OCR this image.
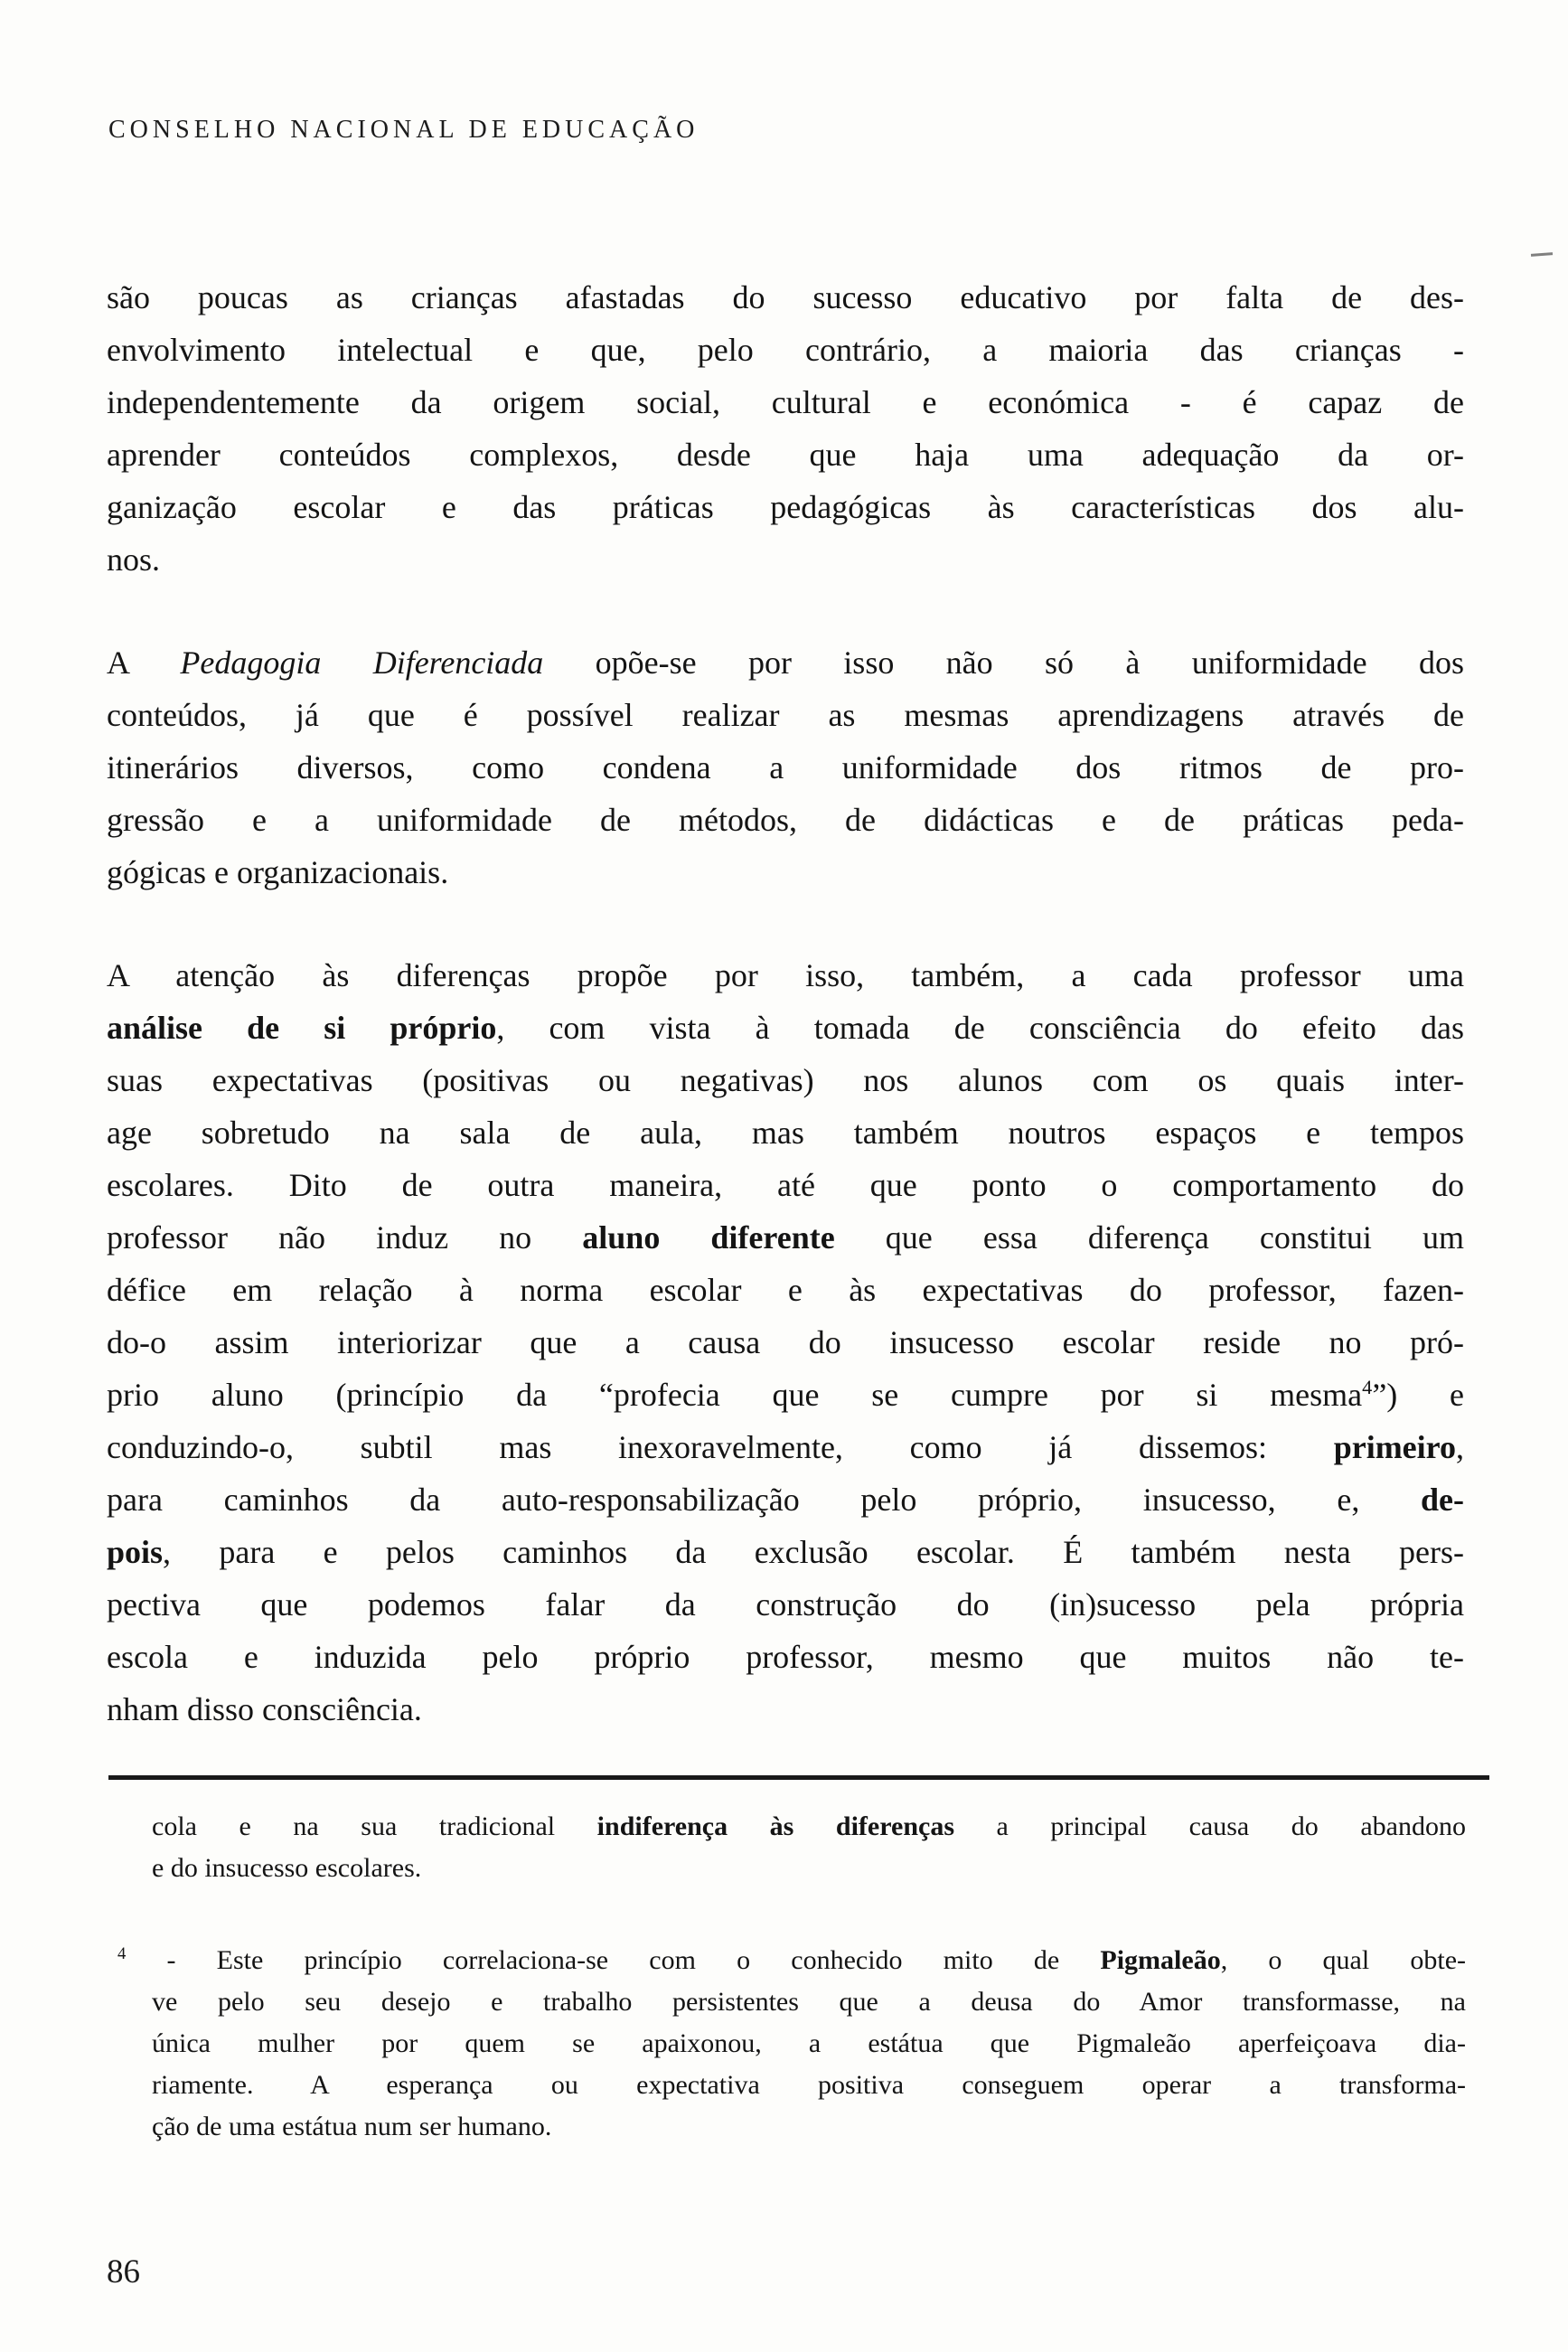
CONSELHO NACIONAL DE EDUCAÇÃO
são poucas as crianças afastadas do sucesso educativo por falta de des-
envolvimento intelectual e que, pelo contrário, a maioria das crianças -
independentemente da origem social, cultural e económica - é capaz de
aprender conteúdos complexos, desde que haja uma adequação da or-
ganização escolar e das práticas pedagógicas às características dos alu-
nos.
A Pedagogia Diferenciada opõe-se por isso não só à uniformidade dos
conteúdos, já que é possível realizar as mesmas aprendizagens através de
itinerários diversos, como condena a uniformidade dos ritmos de pro-
gressão e a uniformidade de métodos, de didácticas e de práticas peda-
gógicas e organizacionais.
A atenção às diferenças propõe por isso, também, a cada professor uma
análise de si próprio, com vista à tomada de consciência do efeito das
suas expectativas (positivas ou negativas) nos alunos com os quais inter-
age sobretudo na sala de aula, mas também noutros espaços e tempos
escolares. Dito de outra maneira, até que ponto o comportamento do
professor não induz no aluno diferente que essa diferença constitui um
défice em relação à norma escolar e às expectativas do professor, fazen-
do-o assim interiorizar que a causa do insucesso escolar reside no pró-
prio aluno (princípio da “profecia que se cumpre por si mesma$^4$”) e
conduzindo-o, subtil mas inexoravelmente, como já dissemos: primeiro,
para caminhos da auto-responsabilização pelo próprio, insucesso, e, de-
pois, para e pelos caminhos da exclusão escolar. É também nesta pers-
pectiva que podemos falar da construção do (in)sucesso pela própria
escola e induzida pelo próprio professor, mesmo que muitos não te-
nham disso consciência.
cola e na sua tradicional indiferença às diferenças a principal causa do abandono
e do insucesso escolares.
$^4$ - Este princípio correlaciona-se com o conhecido mito de Pigmaleão, o qual obte-
ve pelo seu desejo e trabalho persistentes que a deusa do Amor transformasse, na
única mulher por quem se apaixonou, a estátua que Pigmaleão aperfeiçoava dia-
riamente. A esperança ou expectativa positiva conseguem operar a transforma-
ção de uma estátua num ser humano.
86
